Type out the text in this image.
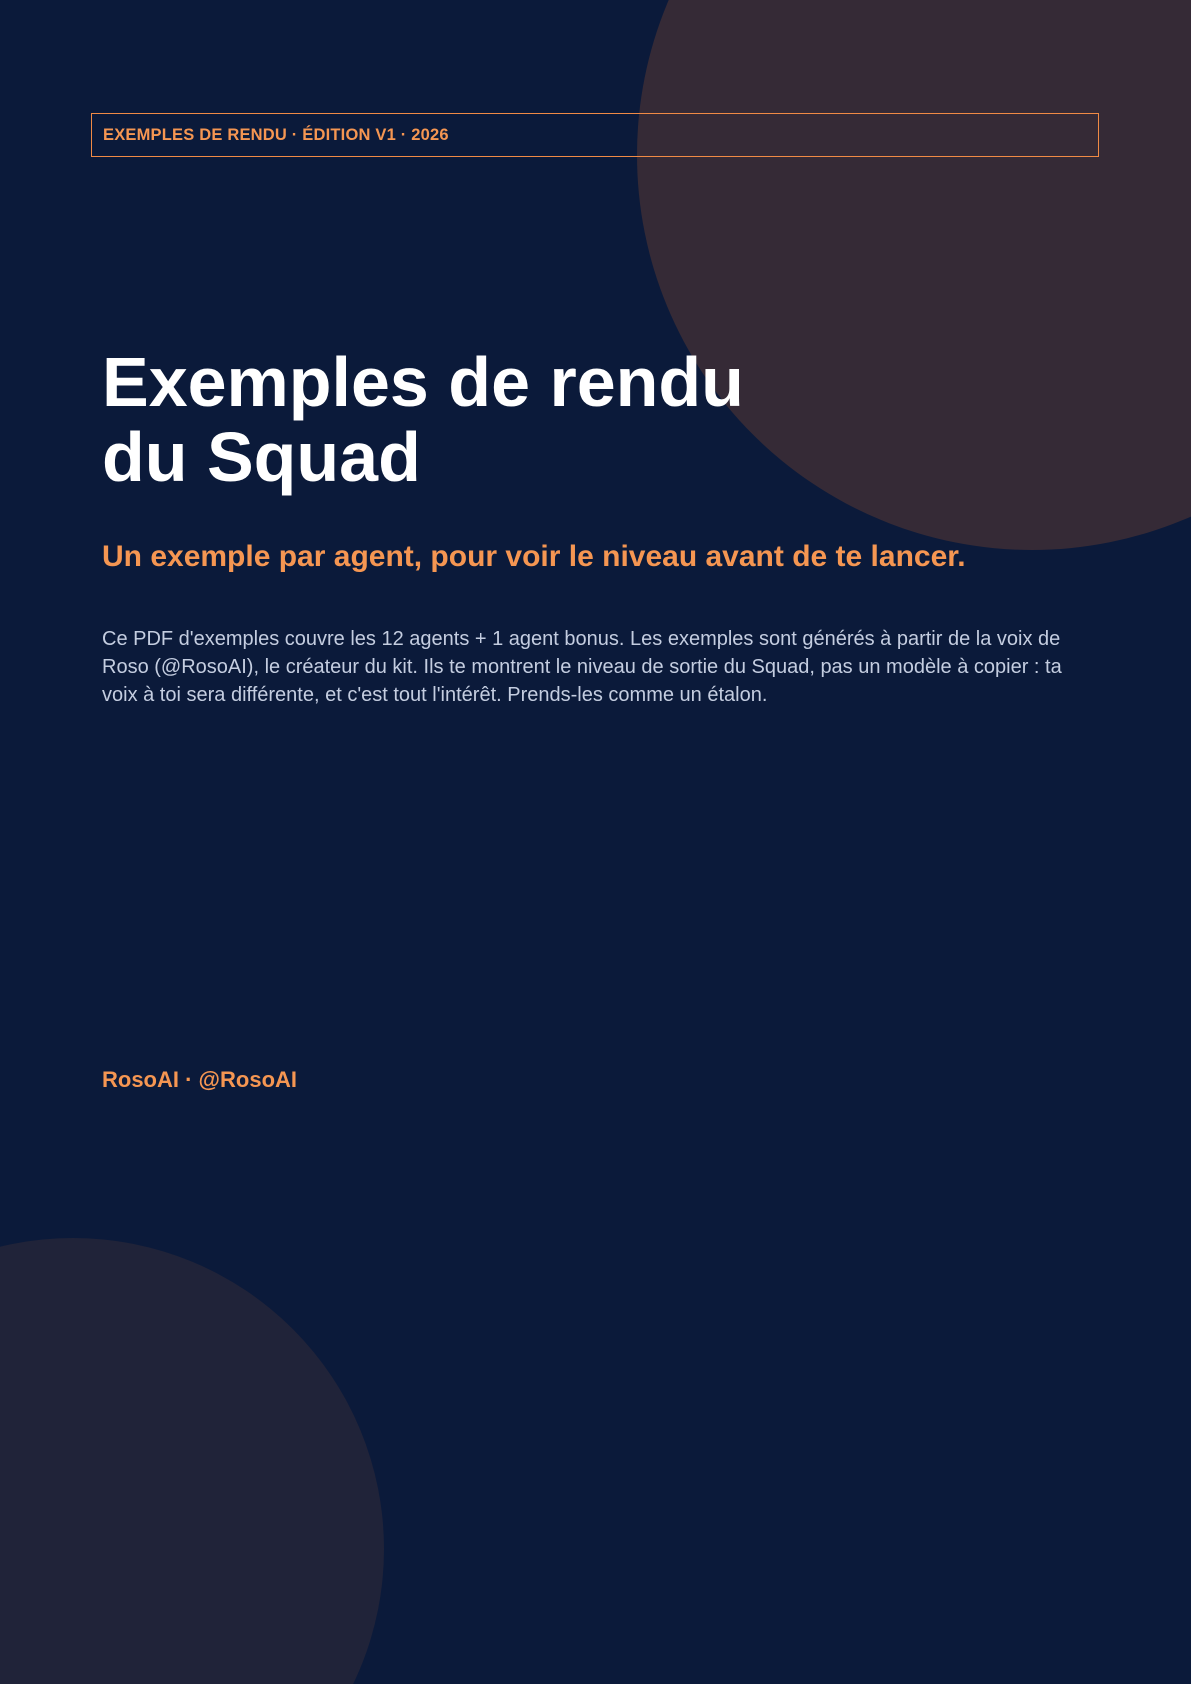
EXEMPLES DE RENDU · ÉDITION V1 · 2026
Exemples de rendu
du Squad

Un exemple par agent, pour voir le niveau avant de te lancer.

Ce PDF d'exemples couvre les 12 agents + 1 agent bonus. Les exemples sont générés à partir de la voix de Roso (@RosoAI), le créateur du kit. Ils te montrent le niveau de sortie du Squad, pas un modèle à copier : ta voix à toi sera différente, et c'est tout l'intérêt. Prends-les comme un étalon.

RosoAI · @RosoAI
